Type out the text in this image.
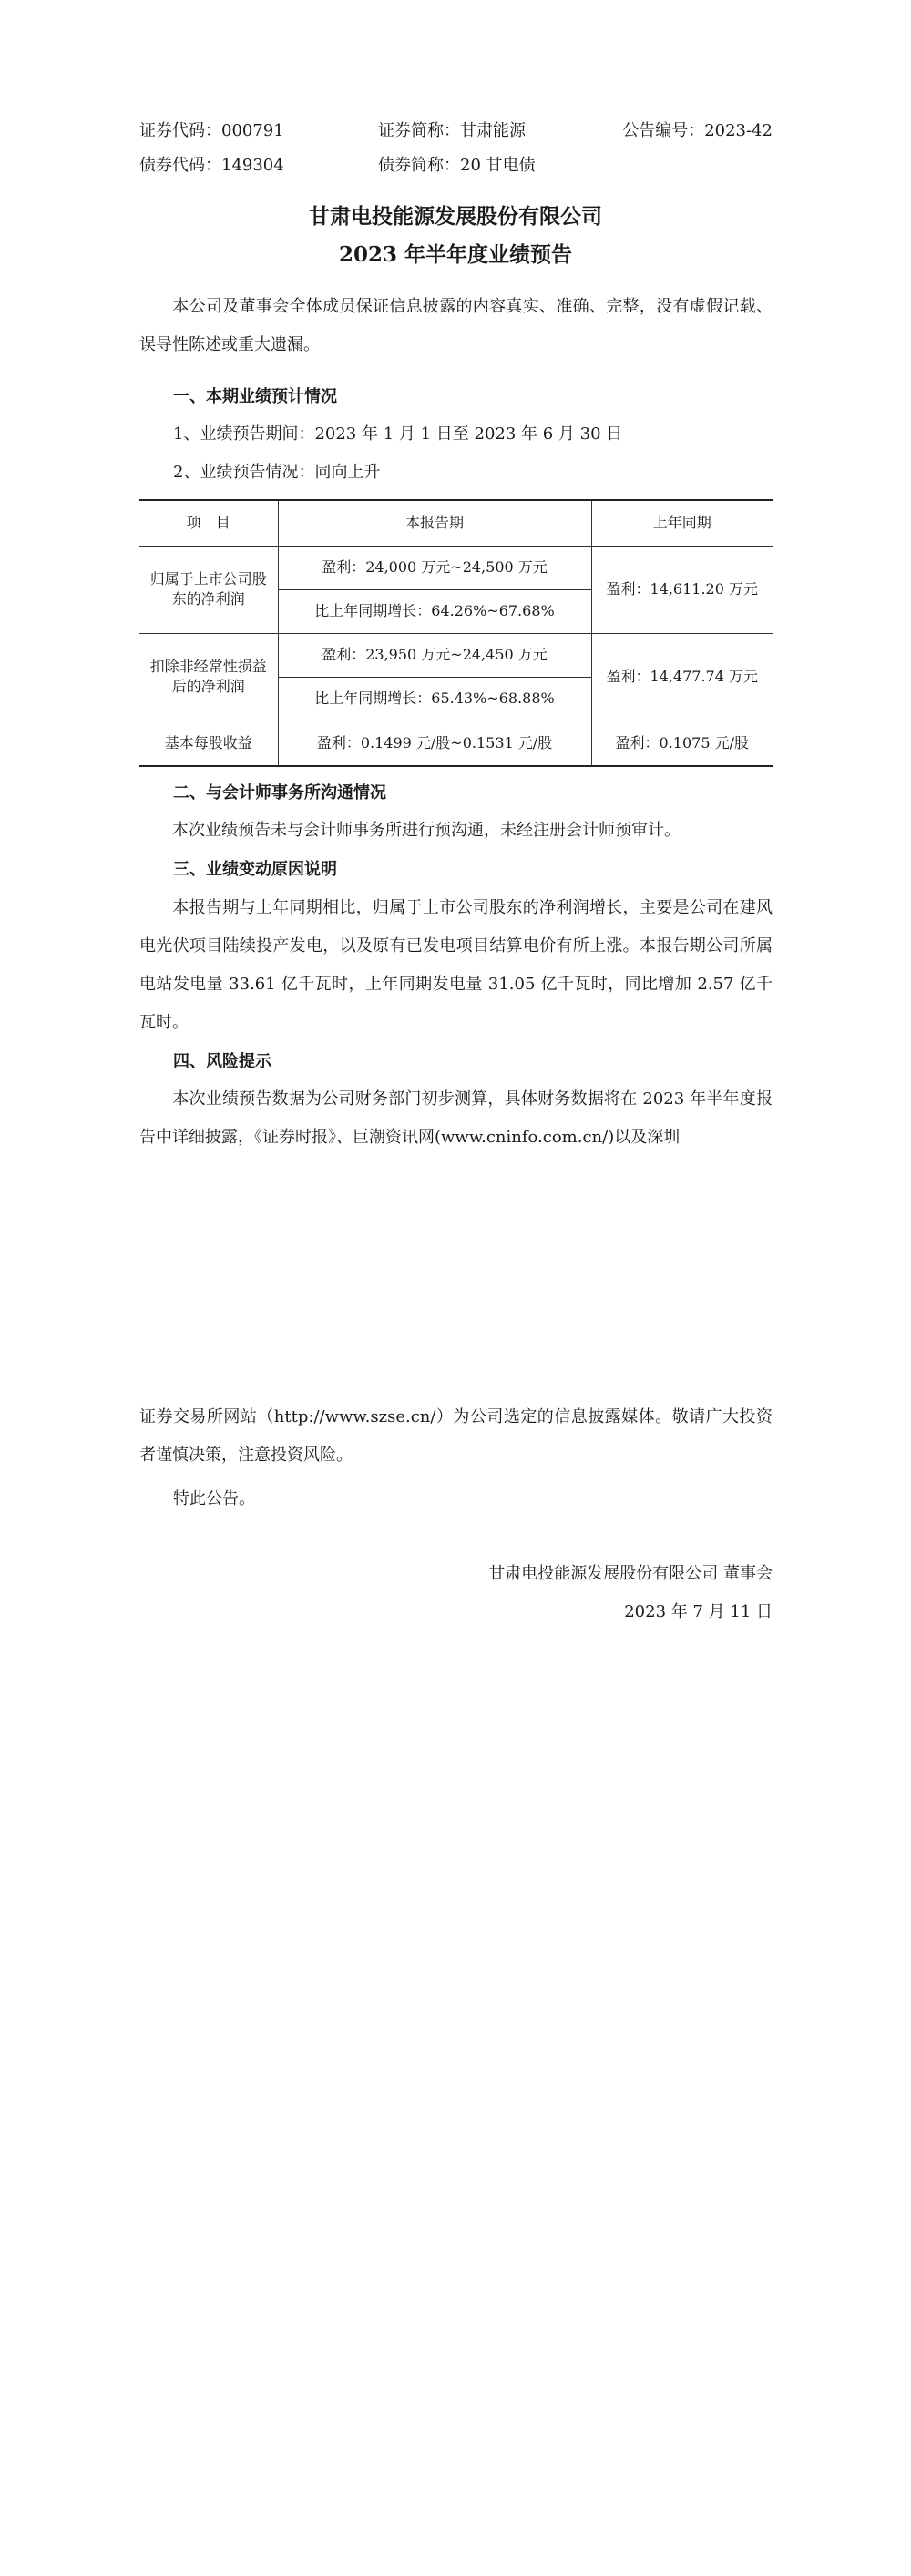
证券代码：000791	证券简称：甘肃能源	公告编号：2023-42
债券代码：149304	债券简称：20 甘电债
甘肃电投能源发展股份有限公司
2023 年半年度业绩预告
本公司及董事会全体成员保证信息披露的内容真实、准确、完整，没有虚假记载、误导性陈述或重大遗漏。
一、本期业绩预计情况
1、业绩预告期间：2023 年 1 月 1 日至 2023 年 6 月 30 日
2、业绩预告情况：同向上升
项　目	本报告期	上年同期
归属于上市公司股东的净利润	盈利：24,000 万元~24,500 万元	盈利：14,611.20 万元
	比上年同期增长：64.26%~67.68%	
扣除非经常性损益后的净利润	盈利：23,950 万元~24,450 万元	盈利：14,477.74 万元
	比上年同期增长：65.43%~68.88%	
基本每股收益	盈利：0.1499 元/股~0.1531 元/股	盈利：0.1075 元/股
二、与会计师事务所沟通情况
本次业绩预告未与会计师事务所进行预沟通，未经注册会计师预审计。
三、业绩变动原因说明
本报告期与上年同期相比，归属于上市公司股东的净利润增长，主要是公司在建风电光伏项目陆续投产发电，以及原有已发电项目结算电价有所上涨。本报告期公司所属电站发电量 33.61 亿千瓦时，上年同期发电量 31.05 亿千瓦时，同比增加 2.57 亿千瓦时。
四、风险提示
本次业绩预告数据为公司财务部门初步测算，具体财务数据将在 2023 年半年度报告中详细披露，《证券时报》、巨潮资讯网(www.cninfo.com.cn/)以及深圳
证券交易所网站（http://www.szse.cn/）为公司选定的信息披露媒体。敬请广大投资者谨慎决策，注意投资风险。
特此公告。
甘肃电投能源发展股份有限公司 董事会
2023 年 7 月 11 日
